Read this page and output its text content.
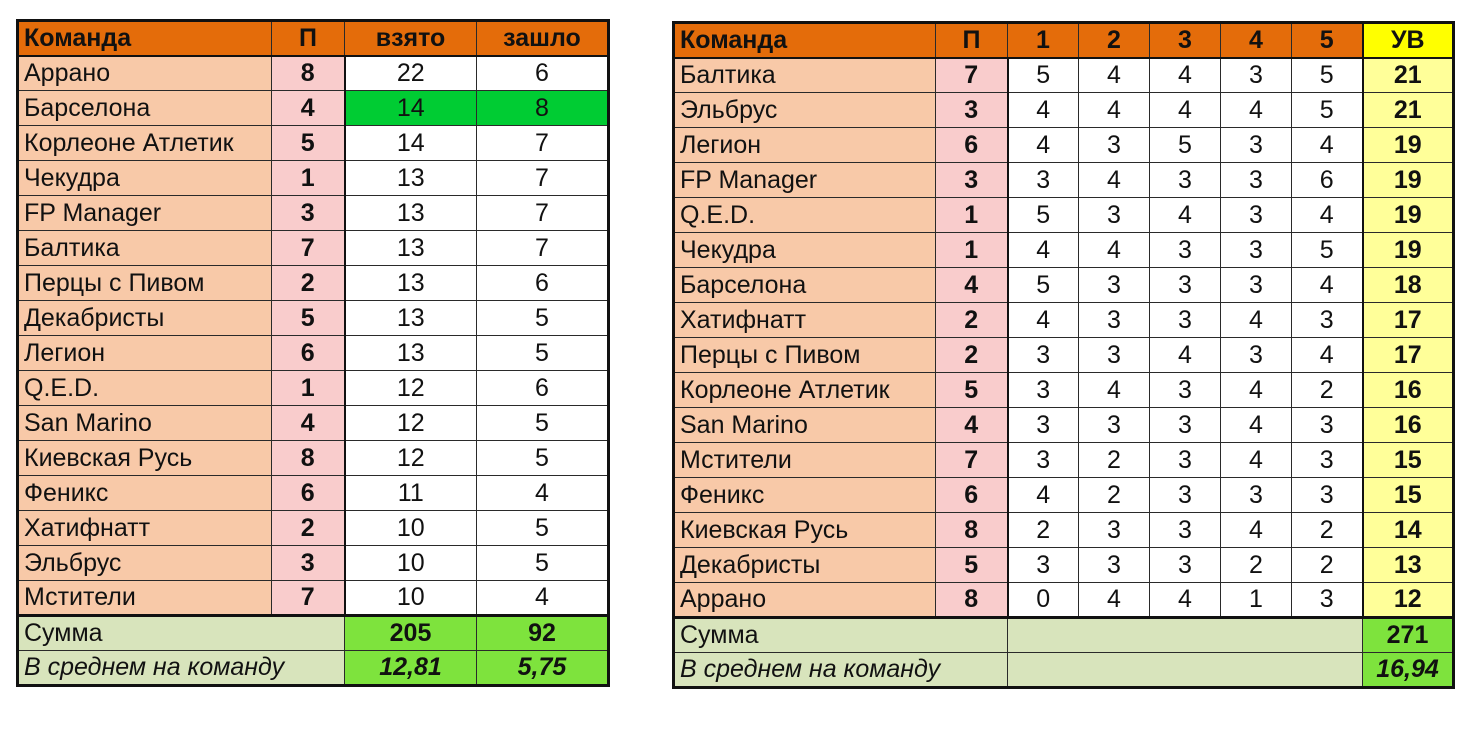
Команда	П	взято	зашло
Аррано	8	22	6
Барселона	4	14	8
Корлеоне Атлетик	5	14	7
Чекудра	1	13	7
FP Manager	3	13	7
Балтика	7	13	7
Перцы с Пивом	2	13	6
Декабристы	5	13	5
Легион	6	13	5
Q.E.D.	1	12	6
San Marino	4	12	5
Киевская Русь	8	12	5
Феникс	6	11	4
Хатифнатт	2	10	5
Эльбрус	3	10	5
Мстители	7	10	4
Сумма		205	92
В среднем на команду		12,81	5,75
Команда	П	1	2	3	4	5	УВ
Балтика	7	5	4	4	3	5	21
Эльбрус	3	4	4	4	4	5	21
Легион	6	4	3	5	3	4	19
FP Manager	3	3	4	3	3	6	19
Q.E.D.	1	5	3	4	3	4	19
Чекудра	1	4	4	3	3	5	19
Барселона	4	5	3	3	3	4	18
Хатифнатт	2	4	3	3	4	3	17
Перцы с Пивом	2	3	3	4	3	4	17
Корлеоне Атлетик	5	3	4	3	4	2	16
San Marino	4	3	3	3	4	3	16
Мстители	7	3	2	3	4	3	15
Феникс	6	4	2	3	3	3	15
Киевская Русь	8	2	3	3	4	2	14
Декабристы	5	3	3	3	2	2	13
Аррано	8	0	4	4	1	3	12
Сумма							271
В среднем на команду							16,94
